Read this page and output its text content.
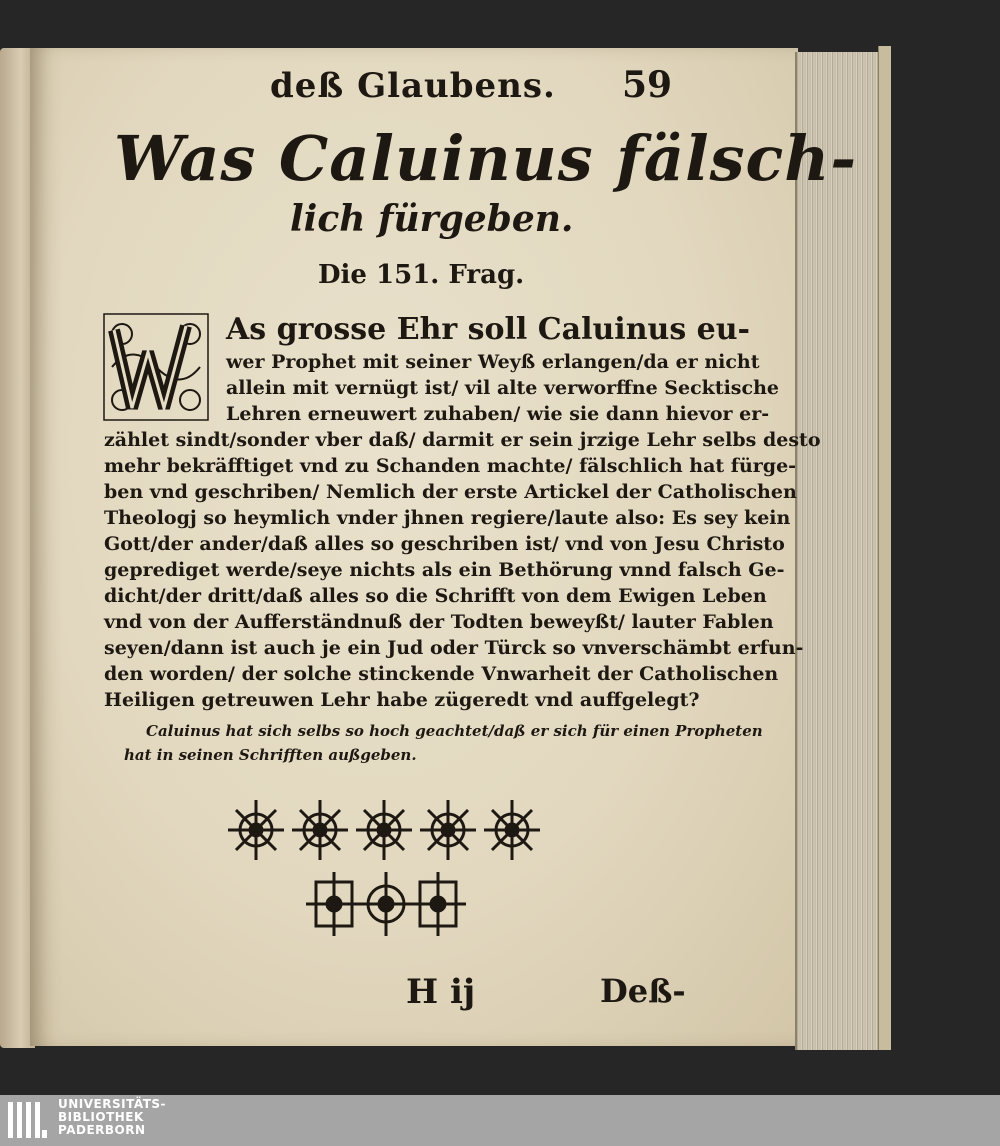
deß Glaubens. 59
Was Caluinus fälsch-
lich fürgeben.
Die 151. Frag.
As grosse Ehr soll Caluinus eu-
wer Prophet mit seiner Weyß erlangen/da er nicht
allein mit vernügt ist/ vil alte verworffne Secktische
Lehren erneuwert zuhaben/ wie sie dann hievor er-
zählet sindt/sonder vber daß/ darmit er sein jrzige Lehr selbs desto
mehr bekräfftiget vnd zu Schanden machte/ fälschlich hat fürge-
ben vnd geschriben/ Nemlich der erste Artickel der Catholischen
Theologj so heymlich vnder jhnen regiere/laute also: Es sey kein
Gott/der ander/daß alles so geschriben ist/ vnd von Jesu Christo
geprediget werde/seye nichts als ein Bethörung vnnd falsch Ge-
dicht/der dritt/daß alles so die Schrifft von dem Ewigen Leben
vnd von der Aufferständnuß der Todten beweyßt/ lauter Fablen
seyen/dann ist auch je ein Jud oder Türck so vnverschämbt erfun-
den worden/ der solche stinckende Vnwarheit der Catholischen
Heiligen getreuwen Lehr habe zügeredt vnd auffgelegt?
Caluinus hat sich selbs so hoch geachtet/daß er sich für einen Propheten
hat in seinen Schrifften außgeben.
H ij	Deß-
UNIVERSITÄTS-
BIBLIOTHEK
PADERBORN
